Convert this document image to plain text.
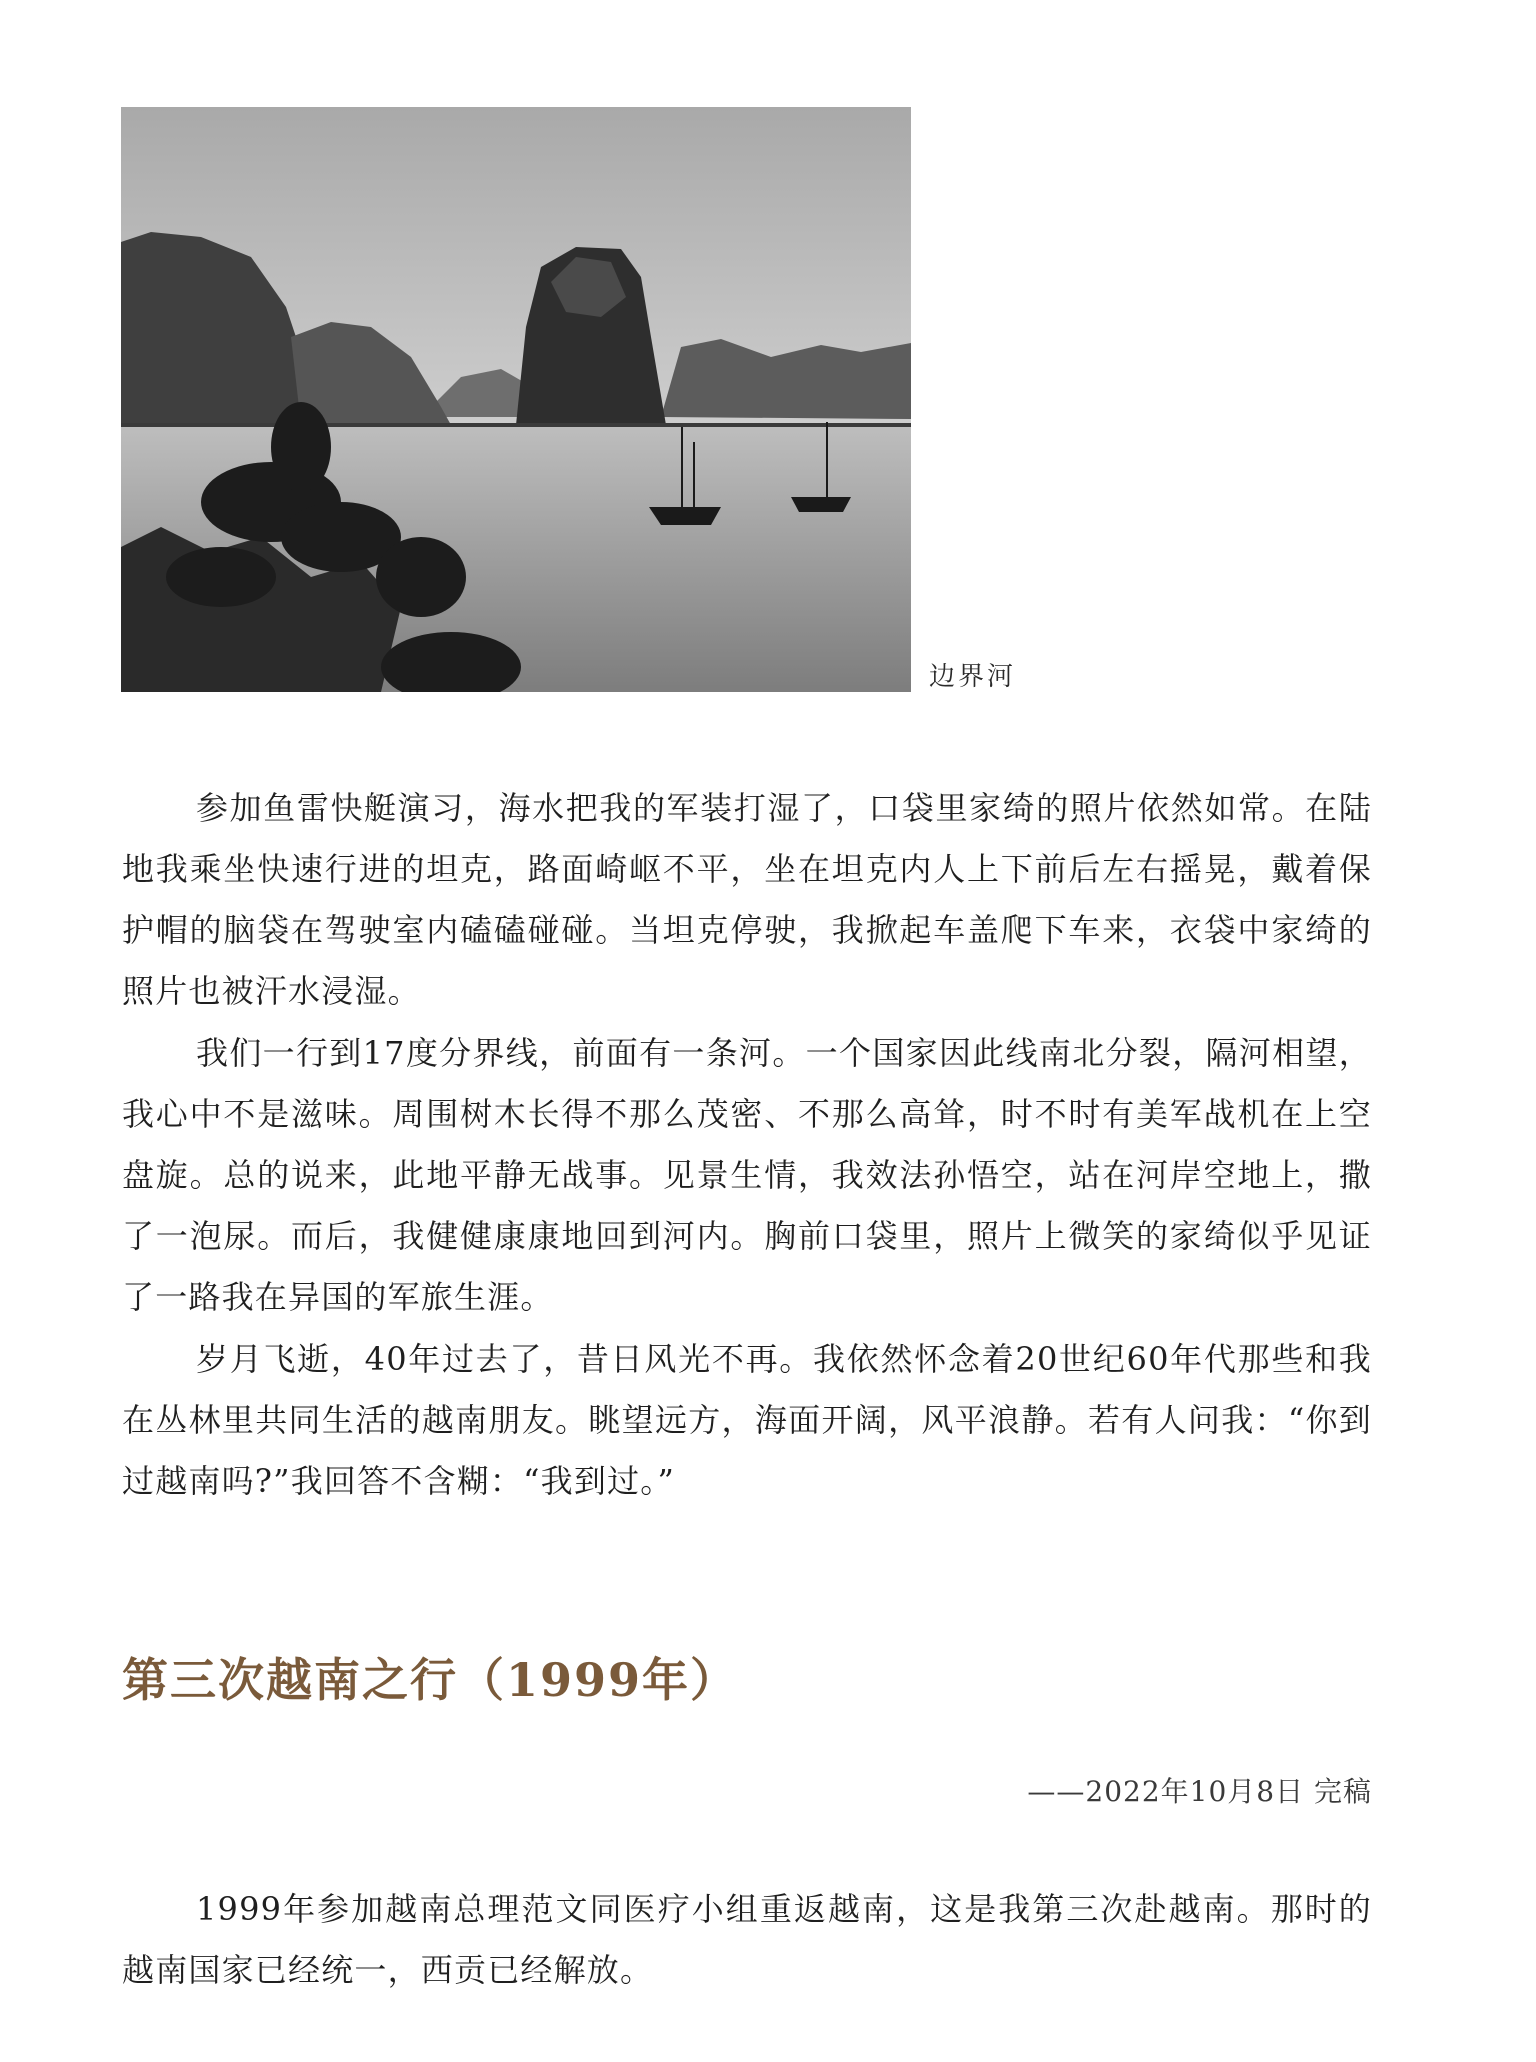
边界河

参加鱼雷快艇演习，海水把我的军装打湿了，口袋里家绮的照片依然如常。在陆地我乘坐快速行进的坦克，路面崎岖不平，坐在坦克内人上下前后左右摇晃，戴着保护帽的脑袋在驾驶室内磕磕碰碰。当坦克停驶，我掀起车盖爬下车来，衣袋中家绮的照片也被汗水浸湿。

我们一行到17度分界线，前面有一条河。一个国家因此线南北分裂，隔河相望，我心中不是滋味。周围树木长得不那么茂密、不那么高耸，时不时有美军战机在上空盘旋。总的说来，此地平静无战事。见景生情，我效法孙悟空，站在河岸空地上，撒了一泡尿。而后，我健健康康地回到河内。胸前口袋里，照片上微笑的家绮似乎见证了一路我在异国的军旅生涯。

岁月飞逝，40年过去了，昔日风光不再。我依然怀念着20世纪60年代那些和我在丛林里共同生活的越南朋友。眺望远方，海面开阔，风平浪静。若有人问我：“你到过越南吗?”我回答不含糊：“我到过。”

第三次越南之行（1999年）
——2022年10月8日 完稿

1999年参加越南总理范文同医疗小组重返越南，这是我第三次赴越南。那时的越南国家已经统一，西贡已经解放。
